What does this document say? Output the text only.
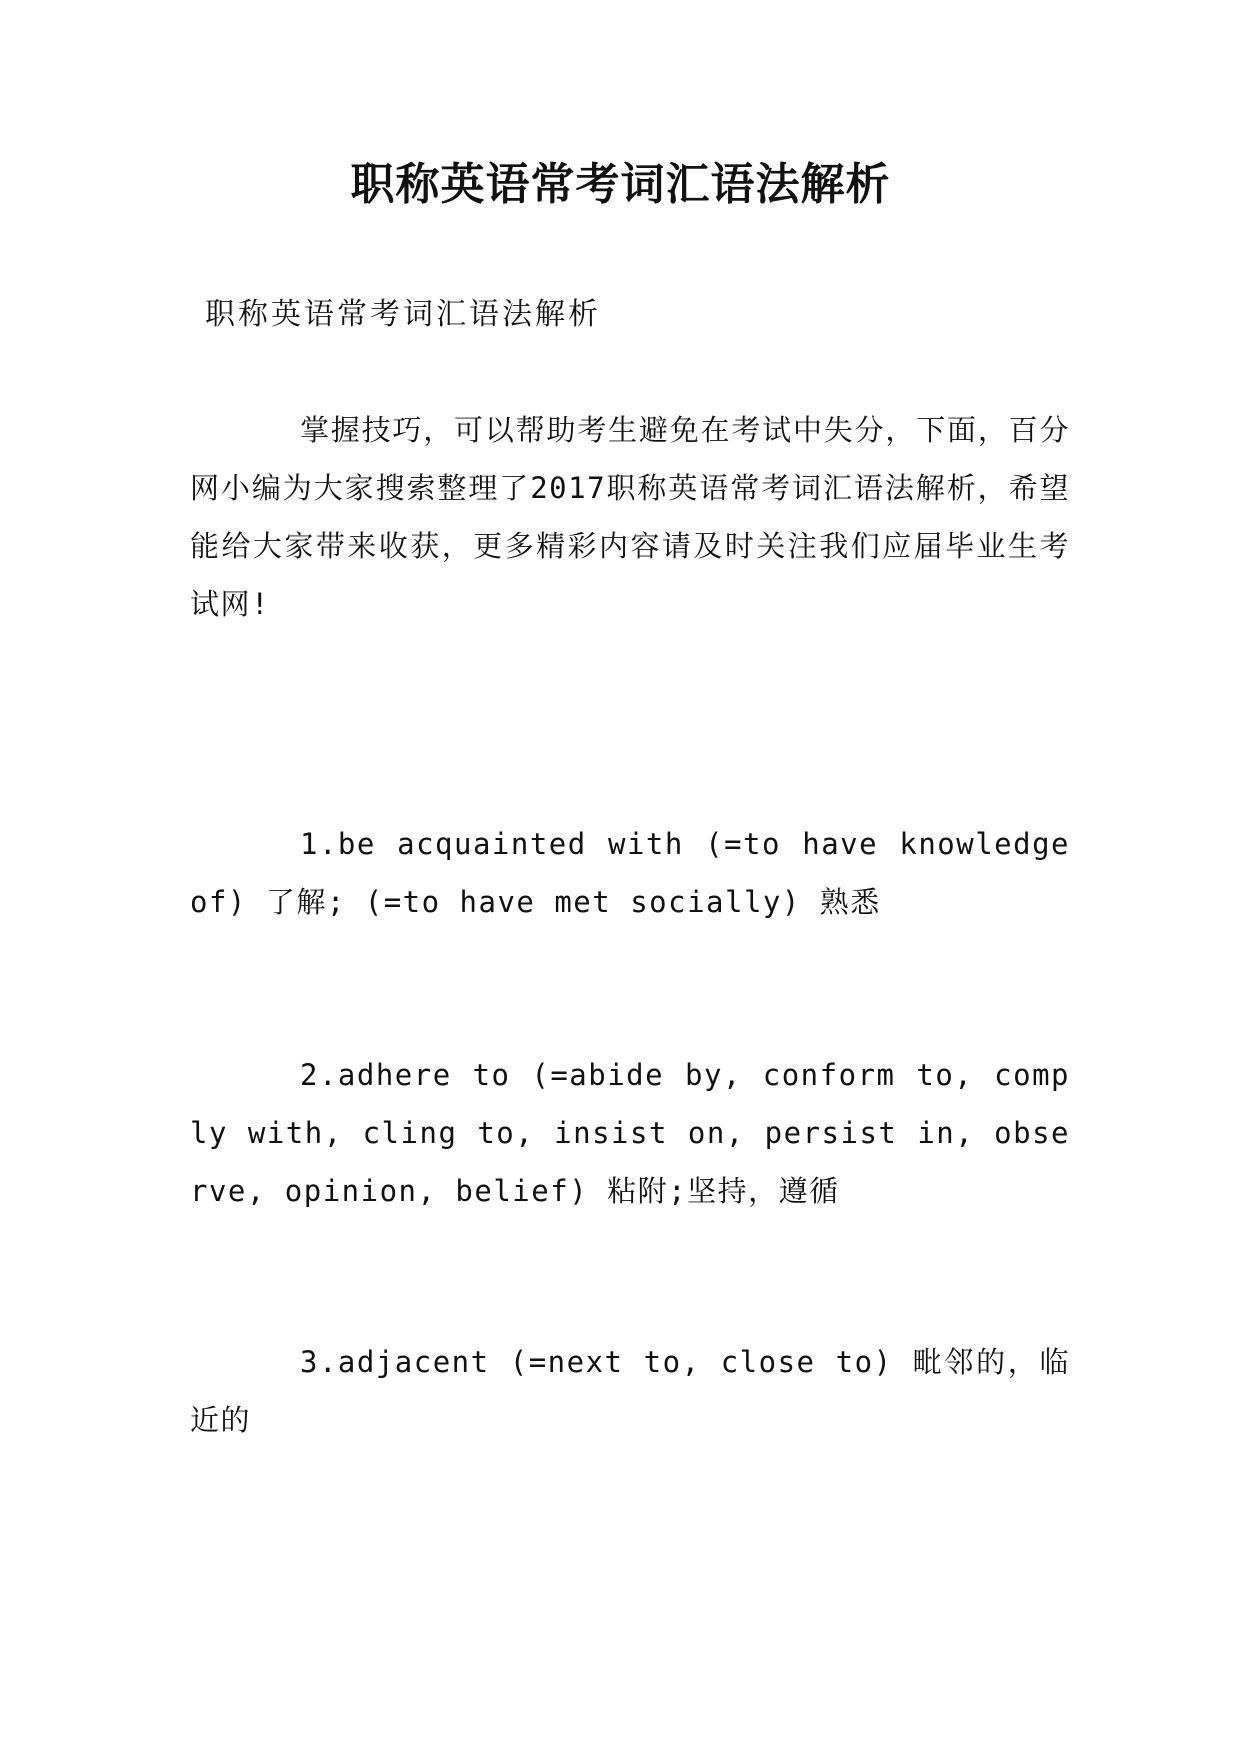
职称英语常考词汇语法解析

职称英语常考词汇语法解析

掌握技巧，可以帮助考生避免在考试中失分，下面，百分网小编为大家搜索整理了2017职称英语常考词汇语法解析，希望能给大家带来收获，更多精彩内容请及时关注我们应届毕业生考试网!

1.be acquainted with (=to have knowledge of) 了解; (=to have met socially) 熟悉

2.adhere to (=abide by, conform to, comply with, cling to, insist on, persist in, observe, opinion, belief) 粘附;坚持，遵循

3.adjacent (=next to, close to) 毗邻的，临近的
